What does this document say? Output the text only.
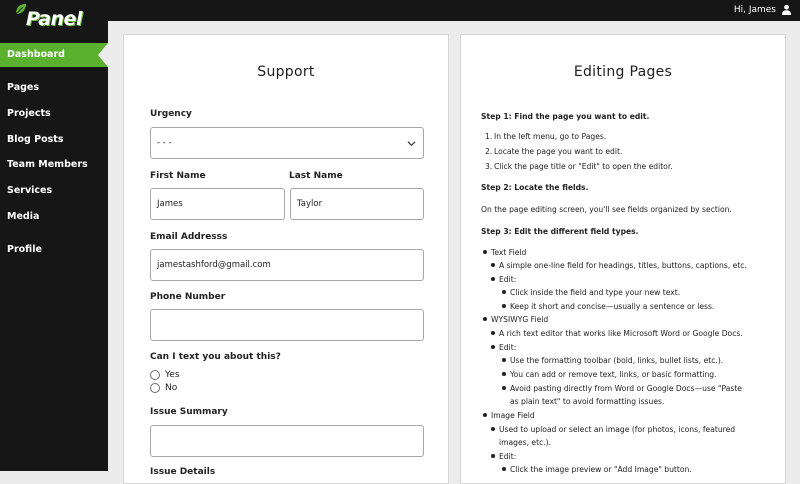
Panel	Hi, James
Dashboard
Pages
Projects
Blog Posts
Team Members
Services
Media
Profile
Support
Urgency
- - -
First Name
James
Last Name
Taylor
Email Addresss
jamestashford@gmail.com
Phone Number
Can I text you about this?
Yes
No
Issue Summary
Issue Details
Editing Pages
Step 1: Find the page you want to edit.
1. In the left menu, go to Pages.
2. Locate the page you want to edit.
3. Click the page title or "Edit" to open the editor.
Step 2: Locate the fields.
On the page editing screen, you'll see fields organized by section.
Step 3: Edit the different field types.
Text Field
A simple one-line field for headings, titles, buttons, captions, etc.
Edit:
Click inside the field and type your new text.
Keep it short and concise—usually a sentence or less.
WYSIWYG Field
A rich text editor that works like Microsoft Word or Google Docs.
Edit:
Use the formatting toolbar (bold, links, bullet lists, etc.).
You can add or remove text, links, or basic formatting.
Avoid pasting directly from Word or Google Docs—use "Paste
as plain text" to avoid formatting issues.
Image Field
Used to upload or select an image (for photos, icons, featured
images, etc.).
Edit:
Click the image preview or "Add Image" button.
